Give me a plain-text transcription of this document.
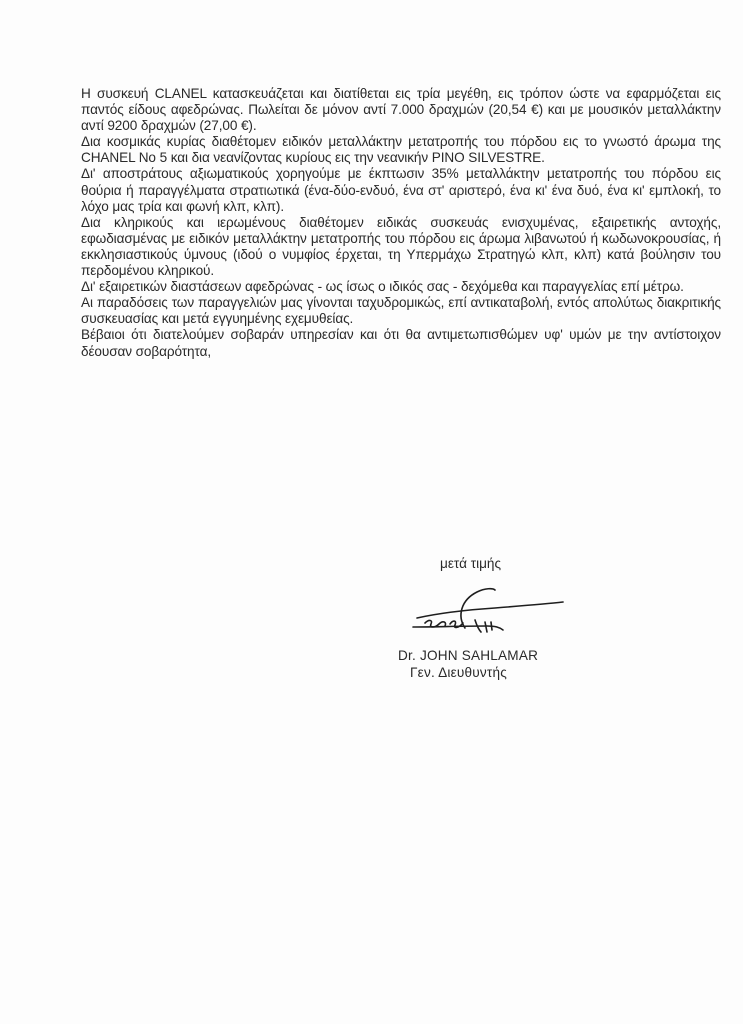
Η συσκευή CLANEL κατασκευάζεται και διατίθεται εις τρία μεγέθη, εις τρόπον ώστε να εφαρμόζεται εις παντός είδους αφεδρώνας. Πωλείται δε μόνον αντί 7.000 δραχμών (20,54 €) και με μουσικόν μεταλλάκτην αντί 9200 δραχμών (27,00 €).

Δια κοσμικάς κυρίας διαθέτομεν ειδικόν μεταλλάκτην μετατροπής του πόρδου εις το γνωστό άρωμα της CHANEL No 5 και δια νεανίζοντας κυρίους εις την νεανικήν PINO SILVESTRE.

Δι' αποστράτους αξιωματικούς χορηγούμε με έκπτωσιν 35% μεταλλάκτην μετατροπής του πόρδου εις θούρια ή παραγγέλματα στρατιωτικά (ένα-δύο-ενδυό, ένα στ' αριστερό, ένα κι' ένα δυό, ένα κι' εμπλοκή, το λόχο μας τρία και φωνή κλπ, κλπ).

Δια κληρικούς και ιερωμένους διαθέτομεν ειδικάς συσκευάς ενισχυμένας, εξαιρετικής αντοχής, εφωδιασμένας με ειδικόν μεταλλάκτην μετατροπής του πόρδου εις άρωμα λιβανωτού ή κωδωνοκρουσίας, ή εκκλησιαστικούς ύμνους (ιδού ο νυμφίος έρχεται, τη Υπερμάχω Στρατηγώ κλπ, κλπ) κατά βούλησιν του περδομένου κληρικού.

Δι' εξαιρετικών διαστάσεων αφεδρώνας - ως ίσως ο ιδικός σας - δεχόμεθα και παραγγελίας επί μέτρω.

Αι παραδόσεις των παραγγελιών μας γίνονται ταχυδρομικώς, επί αντικαταβολή, εντός απολύτως διακριτικής συσκευασίας και μετά εγγυημένης εχεμυθείας.

Βέβαιοι ότι διατελούμεν σοβαράν υπηρεσίαν και ότι θα αντιμετωπισθώμεν υφ' υμών με την αντίστοιχον δέουσαν σοβαρότητα,

μετά τιμής
Dr. JOHN SAHLAMAR
Γεν. Διευθυντής
